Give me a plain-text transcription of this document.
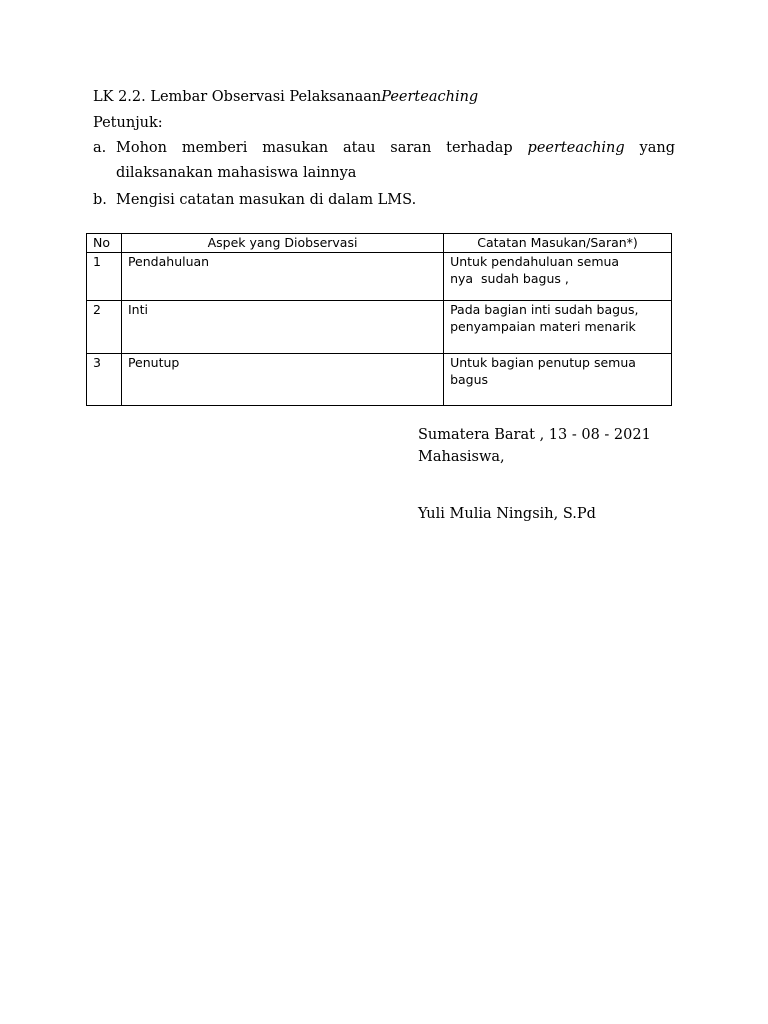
LK 2.2. Lembar Observasi PelaksanaanPeerteaching
Petunjuk:
a. Mohon memberi masukan atau saran terhadap peerteaching yang
dilaksanakan mahasiswa lainnya
b. Mengisi catatan masukan di dalam LMS.
No	Aspek yang Diobservasi	Catatan Masukan/Saran*)
1	Pendahuluan	Untuk pendahuluan semua
nya  sudah bagus ,

2	Inti	Pada bagian inti sudah bagus,
penyampaian materi menarik

3	Penutup	Untuk bagian penutup semua
bagus
Sumatera Barat , 13 - 08 - 2021
Mahasiswa,
Yuli Mulia Ningsih, S.Pd
